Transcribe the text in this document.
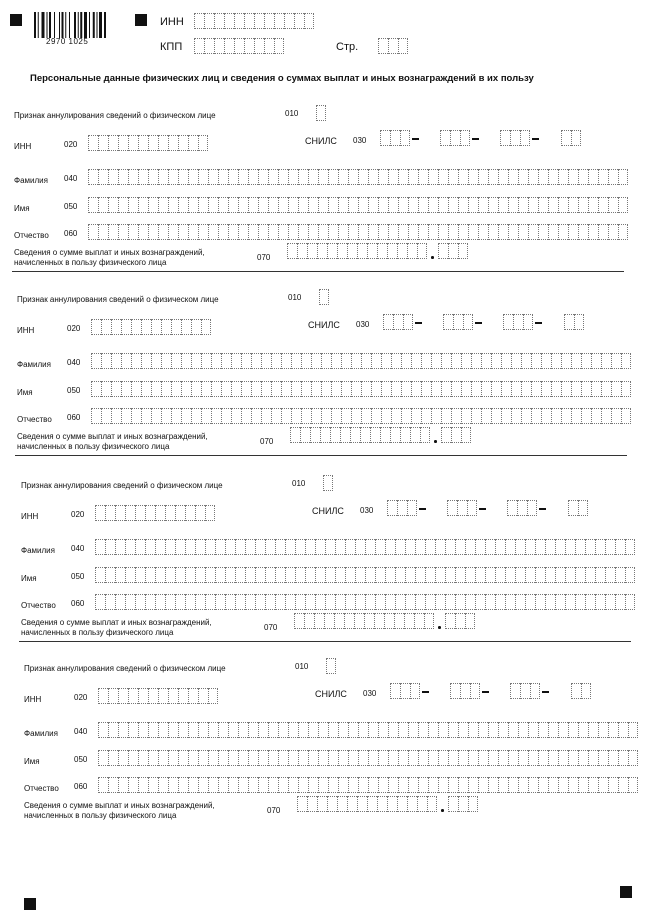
2970 1025
ИНН
КПП	Стр.
Персональные данные физических лиц и сведения о суммах выплат и иных вознаграждений в их пользу
Признак аннулирования сведений о физическом лице	010
ИНН	020	СНИЛС 030
Фамилия 040
Имя	050
Отчество 060
Сведения о сумме выплат и иных вознаграждений,
начисленных в пользу физического лица
070
Признак аннулирования сведений о физическом лице	010
ИНН	020	СНИЛС 030
Фамилия 040
Имя	050
Отчество 060
Сведения о сумме выплат и иных вознаграждений,
начисленных в пользу физического лица
070
Признак аннулирования сведений о физическом лице	010
ИНН	020	СНИЛС 030
Фамилия 040
Имя	050
Отчество 060
Сведения о сумме выплат и иных вознаграждений,
начисленных в пользу физического лица
070
Признак аннулирования сведений о физическом лице	010
ИНН	020	СНИЛС 030
Фамилия 040
Имя	050
Отчество 060
Сведения о сумме выплат и иных вознаграждений,
начисленных в пользу физического лица
070
